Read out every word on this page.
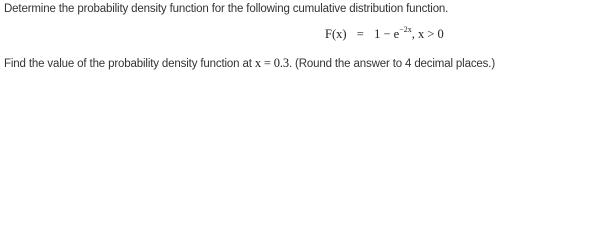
Determine the probability density function for the following cumulative distribution function.
$F(x) = 1 - e^{-2x}$, x > 0
Find the value of the probability density function at x = 0.3. (Round the answer to 4 decimal places.)
